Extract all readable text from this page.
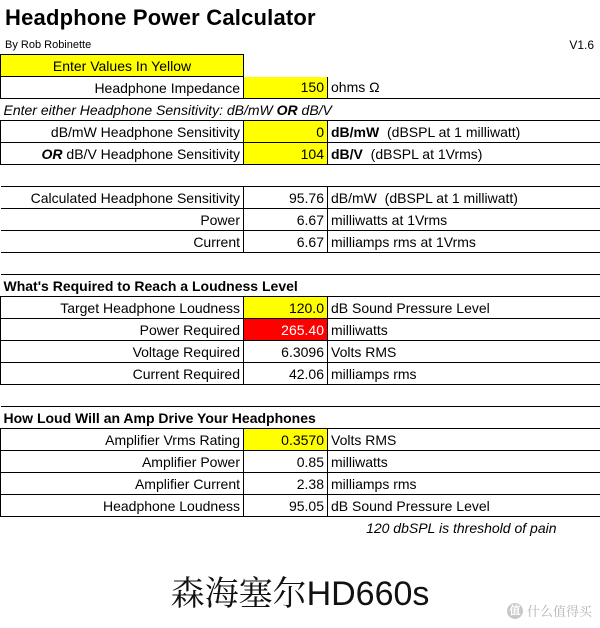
Headphone Power Calculator
By Rob Robinette	V1.6
Enter Values In Yellow		
Headphone Impedance	150	ohms Ω
Enter either Headphone Sensitivity: dB/mW OR dB/V		
dB/mW Headphone Sensitivity	0	dB/mW  (dBSPL at 1 milliwatt)
OR dB/V Headphone Sensitivity	104	dB/V  (dBSPL at 1Vrms)

Calculated Headphone Sensitivity	95.76	dB/mW  (dBSPL at 1 milliwatt)
Power	6.67	milliwatts at 1Vrms
Current	6.67	milliamps rms at 1Vrms

What's Required to Reach a Loudness Level		
Target Headphone Loudness	120.0	dB Sound Pressure Level
Power Required	265.40	milliwatts
Voltage Required	6.3096	Volts RMS
Current Required	42.06	milliamps rms

How Loud Will an Amp Drive Your Headphones		
Amplifier Vrms Rating	0.3570	Volts RMS
Amplifier Power	0.85	milliwatts
Amplifier Current	2.38	milliamps rms
Headphone Loudness	95.05	dB Sound Pressure Level
120 dbSPL is threshold of pain		
森海塞尔HD660s	值 什么值得买
